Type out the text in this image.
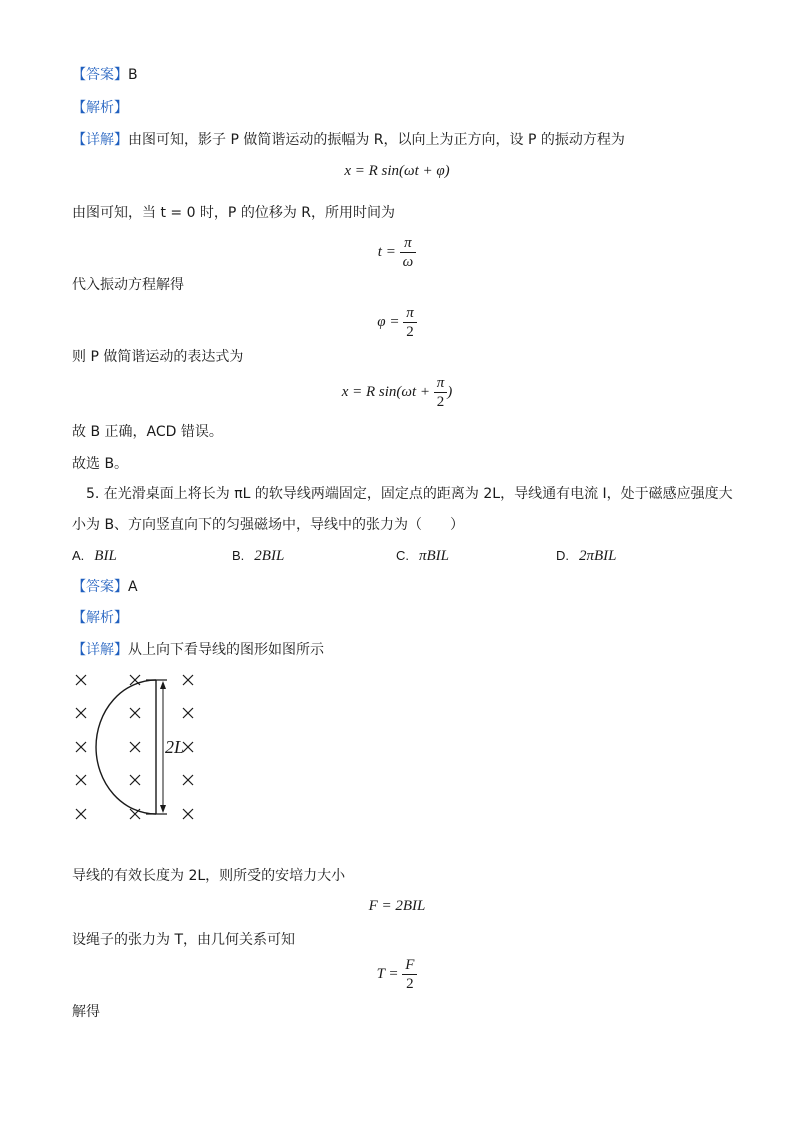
【答案】B
【解析】
【详解】由图可知，影子 P 做简谐运动的振幅为 R，以向上为正方向，设 P 的振动方程为
x = R sin(ωt + φ)
由图可知，当 t = 0 时，P 的位移为 R，所用时间为
$t = \frac{\pi}{\omega}$
代入振动方程解得
$\varphi = \frac{\pi}{2}$
则 P 做简谐运动的表达式为
x = R $\sin(\omega t + \frac{\pi}{2}$ )
故 B 正确，ACD 错误。
故选 B。
5. 在光滑桌面上将长为 πL 的软导线两端固定，固定点的距离为 2L，导线通有电流 I，处于磁感应强度大
小为 B、方向竖直向下的匀强磁场中，导线中的张力为（　　）
A. BIL	B. 2BIL	C. πBIL	D. 2πBIL
【答案】A
【解析】
【详解】从上向下看导线的图形如图所示
2L
导线的有效长度为 2L，则所受的安培力大小
F = 2BIL
设绳子的张力为 T，由几何关系可知
$T = \frac{F}{2}$
解得
